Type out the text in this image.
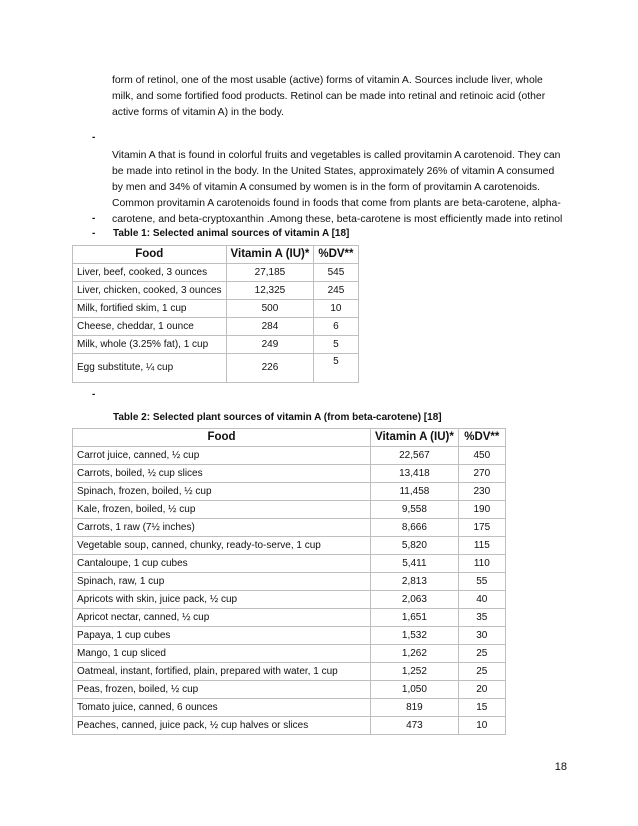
form of retinol, one of the most usable (active) forms of vitamin A. Sources include liver, whole milk, and some fortified food products. Retinol can be made into retinal and retinoic acid (other active forms of vitamin A) in the body.

-

Vitamin A that is found in colorful fruits and vegetables is called provitamin A carotenoid. They can be made into retinol in the body. In the United States, approximately 26% of vitamin A consumed by men and 34% of vitamin A consumed by women is in the form of provitamin A carotenoids. Common provitamin A carotenoids found in foods that come from plants are beta-carotene, alpha-carotene, and beta-cryptoxanthin .Among these, beta-carotene is most efficiently made into retinol

-
- Table 1: Selected animal sources of vitamin A [18]
Food	Vitamin A (IU)*	%DV**
Liver, beef, cooked, 3 ounces	27,185	545
Liver, chicken, cooked, 3 ounces	12,325	245
Milk, fortified skim, 1 cup	500	10
Cheese, cheddar, 1 ounce	284	6
Milk, whole (3.25% fat), 1 cup	249	5
Egg substitute, ¼ cup	226	5
-
Table 2: Selected plant sources of vitamin A (from beta-carotene) [18]
Food	Vitamin A (IU)*	%DV**
Carrot juice, canned, ½ cup	22,567	450
Carrots, boiled, ½ cup slices	13,418	270
Spinach, frozen, boiled, ½ cup	11,458	230
Kale, frozen, boiled, ½ cup	9,558	190
Carrots, 1 raw (7½ inches)	8,666	175
Vegetable soup, canned, chunky, ready-to-serve, 1 cup	5,820	115
Cantaloupe, 1 cup cubes	5,411	110
Spinach, raw, 1 cup	2,813	55
Apricots with skin, juice pack, ½ cup	2,063	40
Apricot nectar, canned, ½ cup	1,651	35
Papaya, 1 cup cubes	1,532	30
Mango, 1 cup sliced	1,262	25
Oatmeal, instant, fortified, plain, prepared with water, 1 cup	1,252	25
Peas, frozen, boiled, ½ cup	1,050	20
Tomato juice, canned, 6 ounces	819	15
Peaches, canned, juice pack, ½ cup halves or slices	473	10
18
